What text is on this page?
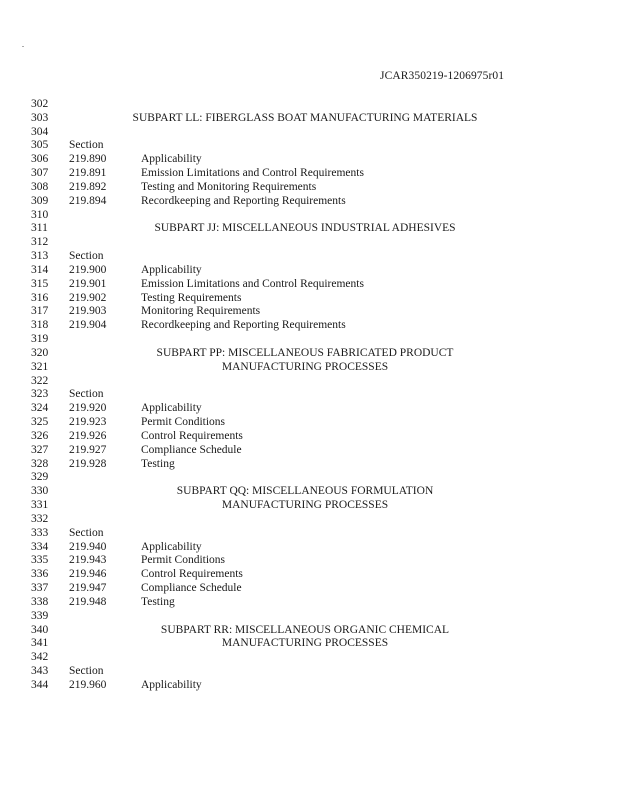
.
JCAR350219-1206975r01
302
303	SUBPART LL: FIBERGLASS BOAT MANUFACTURING MATERIALS
304
305 Section
306 219.890	Applicability
307 219.891	Emission Limitations and Control Requirements
308 219.892	Testing and Monitoring Requirements
309 219.894	Recordkeeping and Reporting Requirements
310
311	SUBPART JJ: MISCELLANEOUS INDUSTRIAL ADHESIVES
312
313 Section
314 219.900	Applicability
315 219.901	Emission Limitations and Control Requirements
316 219.902	Testing Requirements
317 219.903	Monitoring Requirements
318 219.904	Recordkeeping and Reporting Requirements
319
320	SUBPART PP: MISCELLANEOUS FABRICATED PRODUCT
321	MANUFACTURING PROCESSES
322
323 Section
324 219.920	Applicability
325 219.923	Permit Conditions
326 219.926	Control Requirements
327 219.927	Compliance Schedule
328 219.928	Testing
329
330	SUBPART QQ: MISCELLANEOUS FORMULATION
331	MANUFACTURING PROCESSES
332
333 Section
334 219.940	Applicability
335 219.943	Permit Conditions
336 219.946	Control Requirements
337 219.947	Compliance Schedule
338 219.948	Testing
339
340	SUBPART RR: MISCELLANEOUS ORGANIC CHEMICAL
341	MANUFACTURING PROCESSES
342
343 Section
344 219.960	Applicability
